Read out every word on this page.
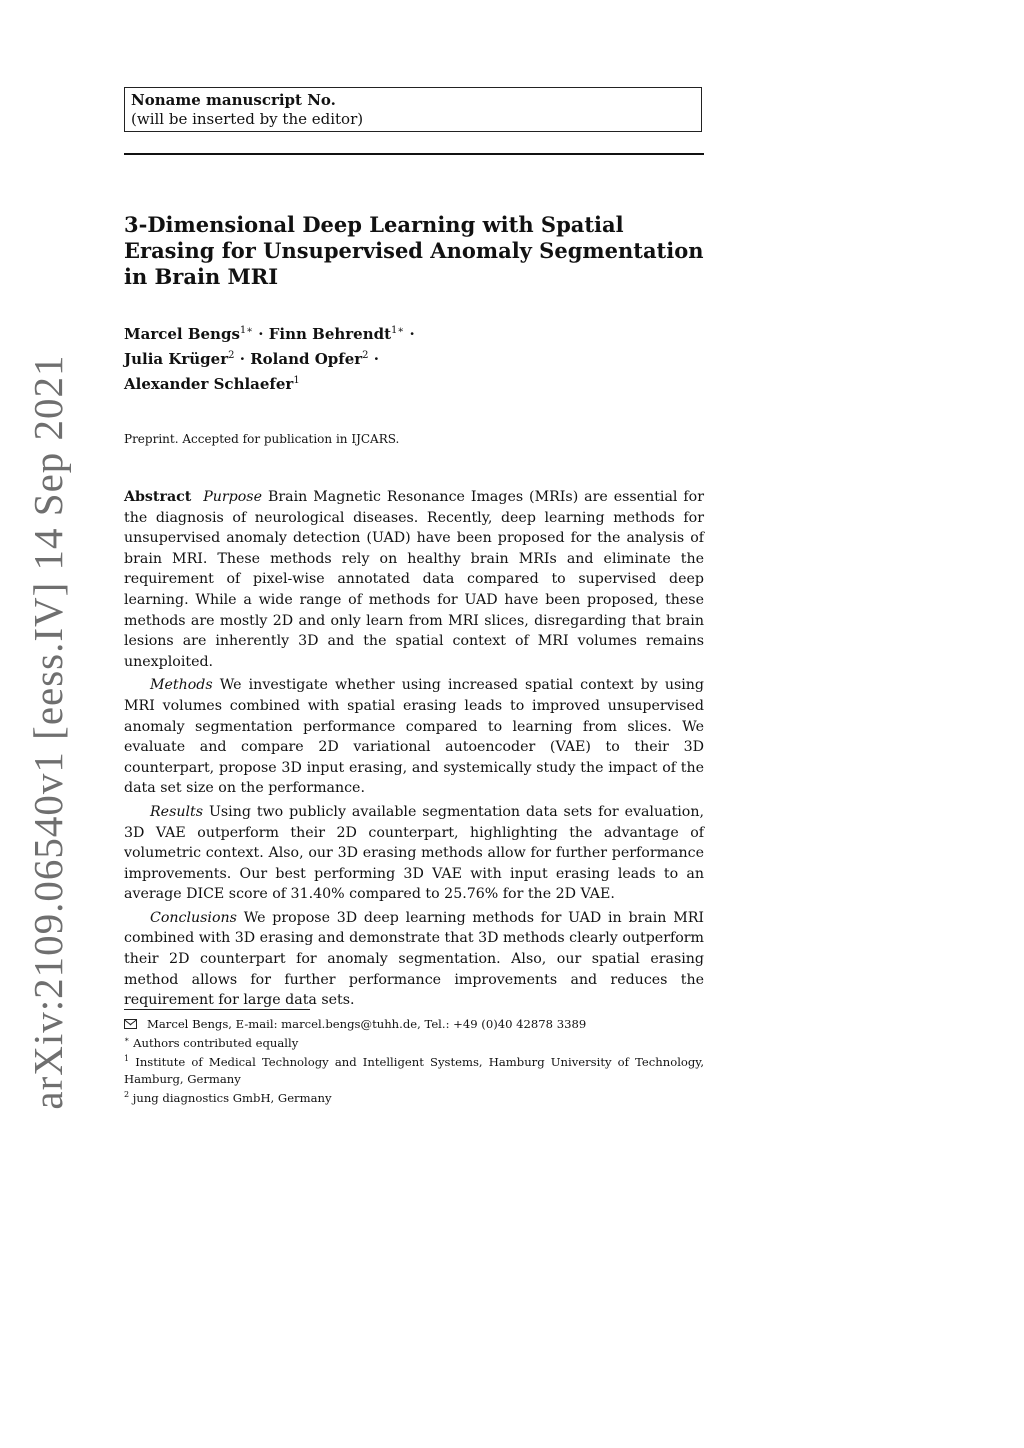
arXiv:2109.06540v1 [eess.IV] 14 Sep 2021
Noname manuscript No.
(will be inserted by the editor)
3-Dimensional Deep Learning with Spatial Erasing for Unsupervised Anomaly Segmentation in Brain MRI
Marcel Bengs$^{1∗}$ · Finn Behrendt$^{1∗}$ ·
Julia Krüger$^2$ · Roland Opfer$^2$ ·
Alexander Schlaefer$^1$
Preprint. Accepted for publication in IJCARS.

Abstract Purpose Brain Magnetic Resonance Images (MRIs) are essential for the diagnosis of neurological diseases. Recently, deep learning methods for unsupervised anomaly detection (UAD) have been proposed for the analysis of brain MRI. These methods rely on healthy brain MRIs and eliminate the requirement of pixel-wise annotated data compared to supervised deep learning. While a wide range of methods for UAD have been proposed, these methods are mostly 2D and only learn from MRI slices, disregarding that brain lesions are inherently 3D and the spatial context of MRI volumes remains unexploited.

Methods We investigate whether using increased spatial context by using MRI volumes combined with spatial erasing leads to improved unsupervised anomaly segmentation performance compared to learning from slices. We evaluate and compare 2D variational autoencoder (VAE) to their 3D counterpart, propose 3D input erasing, and systemically study the impact of the data set size on the performance.

Results Using two publicly available segmentation data sets for evaluation, 3D VAE outperform their 2D counterpart, highlighting the advantage of volumetric context. Also, our 3D erasing methods allow for further performance improvements. Our best performing 3D VAE with input erasing leads to an average DICE score of 31.40% compared to 25.76% for the 2D VAE.

Conclusions We propose 3D deep learning methods for UAD in brain MRI combined with 3D erasing and demonstrate that 3D methods clearly outperform their 2D counterpart for anomaly segmentation. Also, our spatial erasing method allows for further performance improvements and reduces the requirement for large data sets.

Marcel Bengs, E-mail: marcel.bengs@tuhh.de, Tel.: +49 (0)40 42878 3389

∗ Authors contributed equally

$^1$ Institute of Medical Technology and Intelligent Systems, Hamburg University of Technology, Hamburg, Germany

$^2$ jung diagnostics GmbH, Germany
